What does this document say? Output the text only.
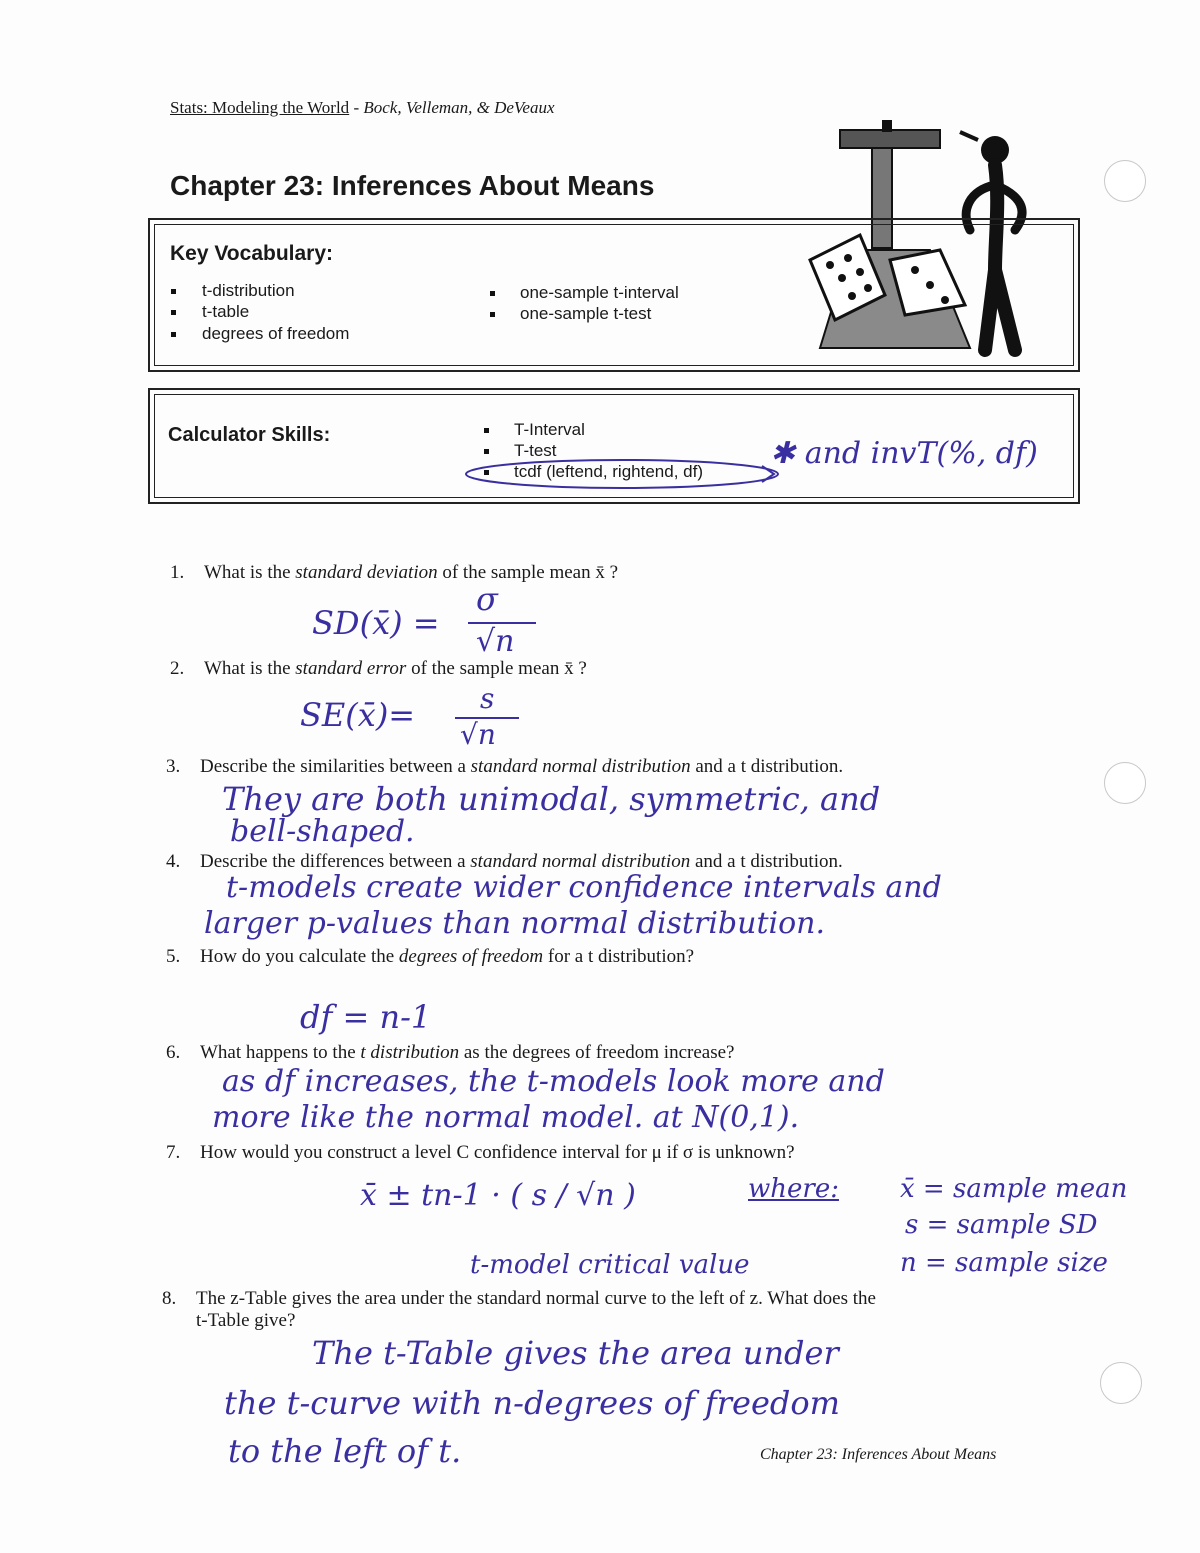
Stats: Modeling the World - Bock, Velleman, & DeVeaux
Chapter 23: Inferences About Means
Key Vocabulary:
t-distribution
t-table
degrees of freedom
one-sample t-interval
one-sample t-test
Calculator Skills:	T-Interval
T-test
tcdf (leftend, rightend, df)
✱ and invT(%, df)
1. What is the standard deviation of the sample mean x̄ ?
SD(x̄) =
σ
√n
2. What is the standard error of the sample mean x̄ ?
SE(x̄)= s
√n
3. Describe the similarities between a standard normal distribution and a t distribution.
They are both unimodal, symmetric, and
bell-shaped.
4. Describe the differences between a standard normal distribution and a t distribution.
t-models create wider confidence intervals and
larger p-values than normal distribution.
5. How do you calculate the degrees of freedom for a t distribution?
df = n-1
6. What happens to the t distribution as the degrees of freedom increase?
as df increases, the t-models look more and
more like the normal model. at N(0,1).
7. How would you construct a level C confidence interval for μ if σ is unknown?
x̄ ± tn-1 · ( s / √n )
t-model critical value
where: x̄ = sample mean
s = sample SD
n = sample size
8. The z-Table gives the area under the standard normal curve to the left of z. What does the
t-Table give?
The t-Table gives the area under
the t-curve with n-degrees of freedom
to the left of t.	Chapter 23: Inferences About Means
